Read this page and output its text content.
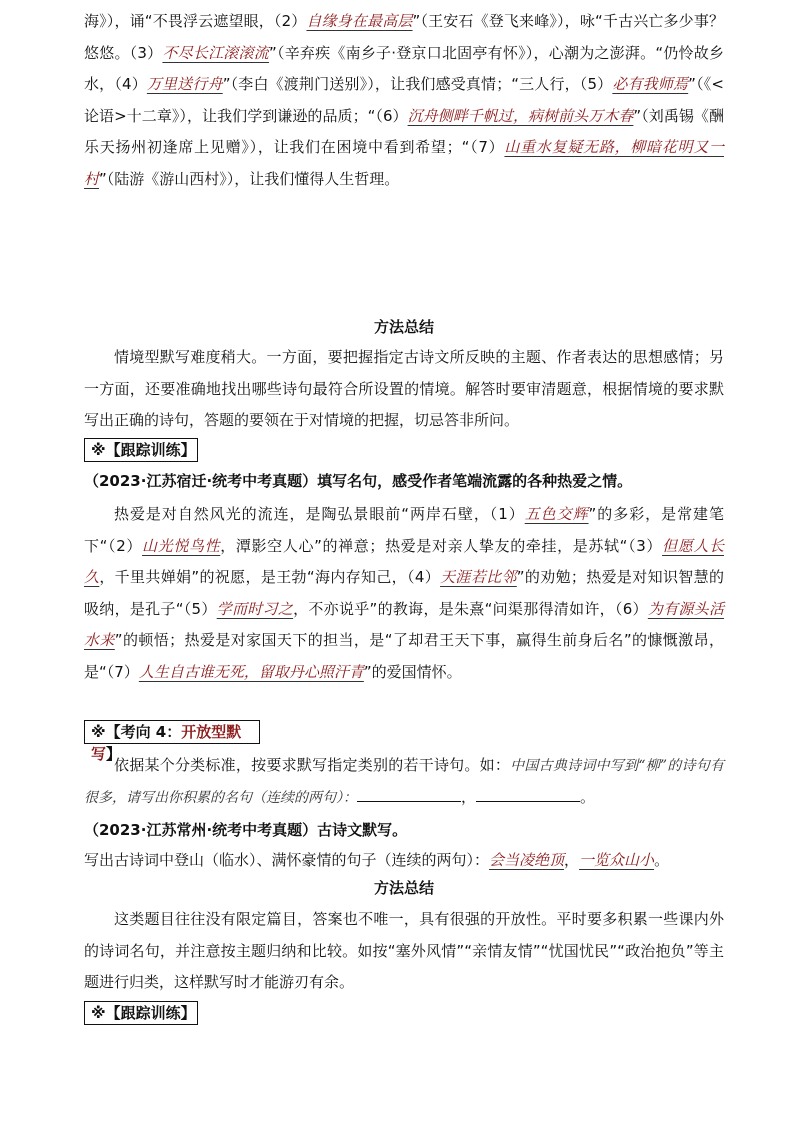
海》），诵“不畏浮云遮望眼，（2）自缘身在最高层”（王安石《登飞来峰》），咏“千古兴亡多少事？悠悠。（3）不尽长江滚滚流”（辛弃疾《南乡子·登京口北固亭有怀》），心潮为之澎湃。“仍怜故乡水，（4）万里送行舟”（李白《渡荆门送别》），让我们感受真情；“三人行，（5）必有我师焉”（《<论语>十二章》），让我们学到谦逊的品质；“（6）沉舟侧畔千帆过，病树前头万木春”（刘禹锡《酬乐天扬州初逢席上见赠》），让我们在困境中看到希望；“（7）山重水复疑无路，柳暗花明又一村”（陆游《游山西村》），让我们懂得人生哲理。
方法总结
情境型默写难度稍大。一方面，要把握指定古诗文所反映的主题、作者表达的思想感情；另一方面，还要准确地找出哪些诗句最符合所设置的情境。解答时要审清题意，根据情境的要求默写出正确的诗句，答题的要领在于对情境的把握，切忌答非所问。
※【跟踪训练】
（2023·江苏宿迁·统考中考真题）填写名句，感受作者笔端流露的各种热爱之情。
热爱是对自然风光的流连，是陶弘景眼前“两岸石壁，（1）五色交辉”的多彩，是常建笔下“（2）山光悦鸟性，潭影空人心”的禅意；热爱是对亲人挚友的牵挂，是苏轼“（3）但愿人长久，千里共婵娟”的祝愿，是王勃“海内存知己，（4）天涯若比邻”的劝勉；热爱是对知识智慧的吸纳，是孔子“（5）学而时习之，不亦说乎”的教诲，是朱熹“问渠那得清如许，（6）为有源头活水来”的顿悟；热爱是对家国天下的担当，是“了却君王天下事，赢得生前身后名”的慷慨激昂，是“（7）人生自古谁无死，留取丹心照汗青”的爱国情怀。
※【考向 4：开放型默写】
依据某个分类标准，按要求默写指定类别的若干诗句。如：中国古典诗词中写到“柳”的诗句有很多，请写出你积累的名句（连续的两句）：	，	。
（2023·江苏常州·统考中考真题）古诗文默写。
写出古诗词中登山（临水）、满怀豪情的句子（连续的两句）：会当凌绝顶，一览众山小。
方法总结
这类题目往往没有限定篇目，答案也不唯一，具有很强的开放性。平时要多积累一些课内外的诗词名句，并注意按主题归纳和比较。如按“塞外风情”“亲情友情”“忧国忧民”“政治抱负”等主题进行归类，这样默写时才能游刃有余。
※【跟踪训练】
